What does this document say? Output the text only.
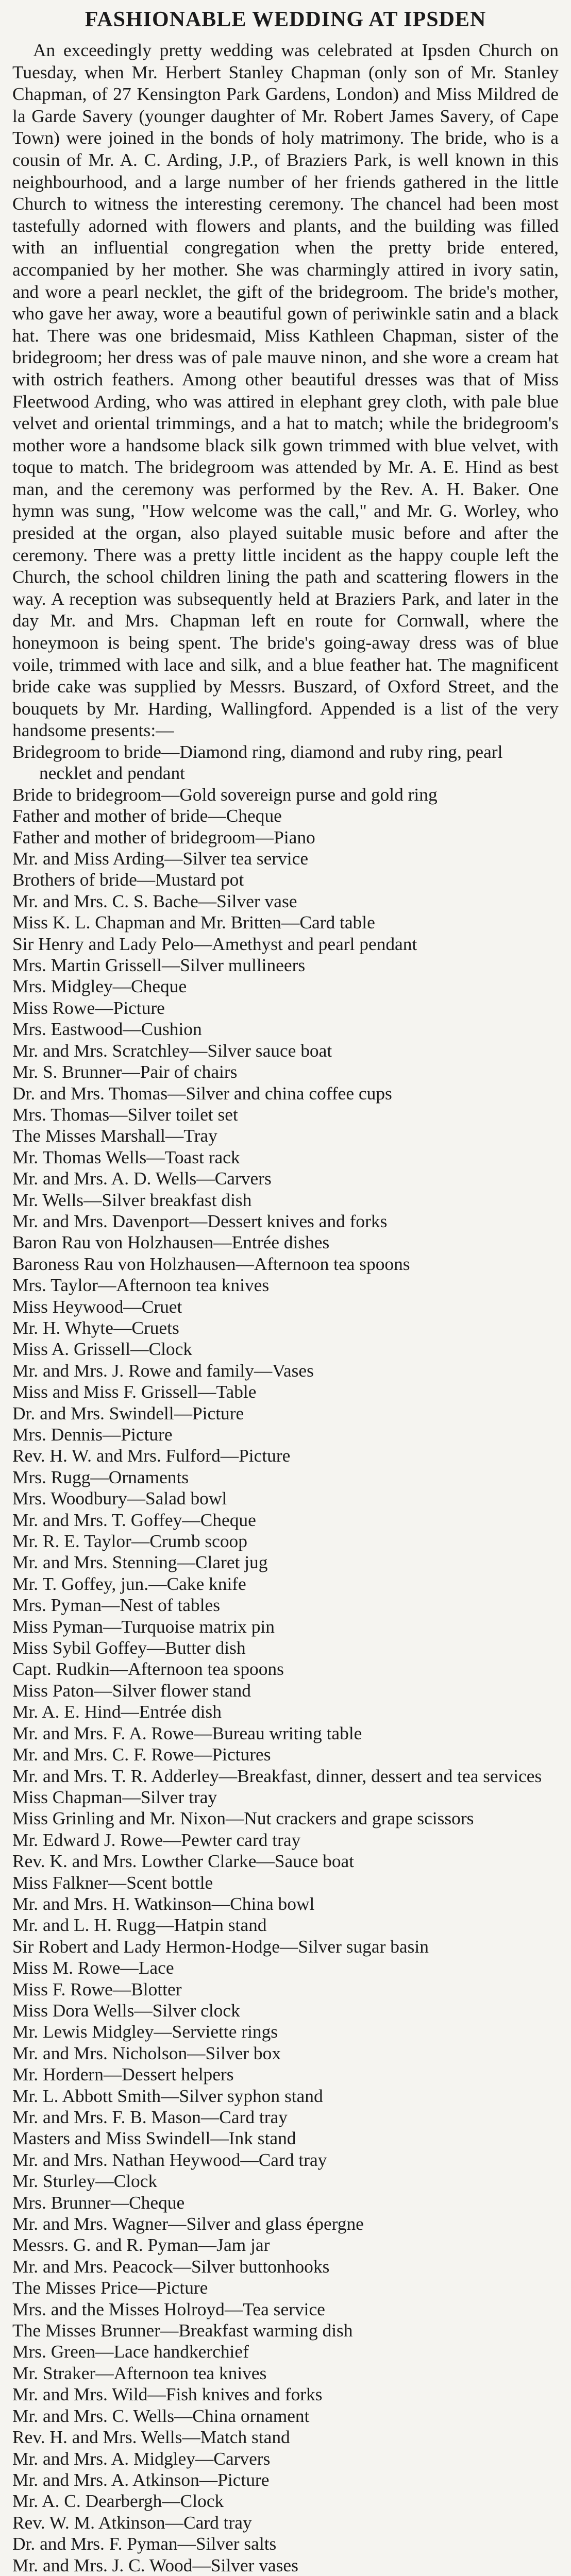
FASHIONABLE WEDDING AT IPSDEN

An exceedingly pretty wedding was celebrated at Ipsden Church on Tuesday, when Mr. Herbert Stanley Chapman (only son of Mr. Stanley Chapman, of 27 Kensington Park Gardens, London) and Miss Mildred de la Garde Savery (younger daughter of Mr. Robert James Savery, of Cape Town) were joined in the bonds of holy matrimony. The bride, who is a cousin of Mr. A. C. Arding, J.P., of Braziers Park, is well known in this neighbourhood, and a large number of her friends gathered in the little Church to witness the interesting ceremony. The chancel had been most tastefully adorned with flowers and plants, and the building was filled with an influential congregation when the pretty bride entered, accompanied by her mother. She was charmingly attired in ivory satin, and wore a pearl necklet, the gift of the bridegroom. The bride's mother, who gave her away, wore a beautiful gown of periwinkle satin and a black hat. There was one bridesmaid, Miss Kathleen Chapman, sister of the bridegroom; her dress was of pale mauve ninon, and she wore a cream hat with ostrich feathers. Among other beautiful dresses was that of Miss Fleetwood Arding, who was attired in elephant grey cloth, with pale blue velvet and oriental trimmings, and a hat to match; while the bridegroom's mother wore a handsome black silk gown trimmed with blue velvet, with toque to match. The bridegroom was attended by Mr. A. E. Hind as best man, and the ceremony was performed by the Rev. A. H. Baker. One hymn was sung, "How welcome was the call," and Mr. G. Worley, who presided at the organ, also played suitable music before and after the ceremony. There was a pretty little incident as the happy couple left the Church, the school children lining the path and scattering flowers in the way. A reception was subsequently held at Braziers Park, and later in the day Mr. and Mrs. Chapman left en route for Cornwall, where the honeymoon is being spent. The bride's going-away dress was of blue voile, trimmed with lace and silk, and a blue feather hat. The magnificent bride cake was supplied by Messrs. Buszard, of Oxford Street, and the bouquets by Mr. Harding, Wallingford. Appended is a list of the very handsome presents:—

Bridegroom to bride—Diamond ring, diamond and ruby ring, pearl necklet and pendant
Bride to bridegroom—Gold sovereign purse and gold ring
Father and mother of bride—Cheque
Father and mother of bridegroom—Piano
Mr. and Miss Arding—Silver tea service
Brothers of bride—Mustard pot
Mr. and Mrs. C. S. Bache—Silver vase
Miss K. L. Chapman and Mr. Britten—Card table
Sir Henry and Lady Pelo—Amethyst and pearl pendant
Mrs. Martin Grissell—Silver mullineers
Mrs. Midgley—Cheque
Miss Rowe—Picture
Mrs. Eastwood—Cushion
Mr. and Mrs. Scratchley—Silver sauce boat
Mr. S. Brunner—Pair of chairs
Dr. and Mrs. Thomas—Silver and china coffee cups
Mrs. Thomas—Silver toilet set
The Misses Marshall—Tray
Mr. Thomas Wells—Toast rack
Mr. and Mrs. A. D. Wells—Carvers
Mr. Wells—Silver breakfast dish
Mr. and Mrs. Davenport—Dessert knives and forks
Baron Rau von Holzhausen—Entrée dishes
Baroness Rau von Holzhausen—Afternoon tea spoons
Mrs. Taylor—Afternoon tea knives
Miss Heywood—Cruet
Mr. H. Whyte—Cruets
Miss A. Grissell—Clock
Mr. and Mrs. J. Rowe and family—Vases
Miss and Miss F. Grissell—Table
Dr. and Mrs. Swindell—Picture
Mrs. Dennis—Picture
Rev. H. W. and Mrs. Fulford—Picture
Mrs. Rugg—Ornaments
Mrs. Woodbury—Salad bowl
Mr. and Mrs. T. Goffey—Cheque
Mr. R. E. Taylor—Crumb scoop
Mr. and Mrs. Stenning—Claret jug
Mr. T. Goffey, jun.—Cake knife
Mrs. Pyman—Nest of tables
Miss Pyman—Turquoise matrix pin
Miss Sybil Goffey—Butter dish
Capt. Rudkin—Afternoon tea spoons
Miss Paton—Silver flower stand
Mr. A. E. Hind—Entrée dish
Mr. and Mrs. F. A. Rowe—Bureau writing table
Mr. and Mrs. C. F. Rowe—Pictures
Mr. and Mrs. T. R. Adderley—Breakfast, dinner, dessert and tea services
Miss Chapman—Silver tray
Miss Grinling and Mr. Nixon—Nut crackers and grape scissors
Mr. Edward J. Rowe—Pewter card tray
Rev. K. and Mrs. Lowther Clarke—Sauce boat
Miss Falkner—Scent bottle
Mr. and Mrs. H. Watkinson—China bowl
Mr. and L. H. Rugg—Hatpin stand
Sir Robert and Lady Hermon-Hodge—Silver sugar basin
Miss M. Rowe—Lace
Miss F. Rowe—Blotter
Miss Dora Wells—Silver clock
Mr. Lewis Midgley—Serviette rings
Mr. and Mrs. Nicholson—Silver box
Mr. Hordern—Dessert helpers
Mr. L. Abbott Smith—Silver syphon stand
Mr. and Mrs. F. B. Mason—Card tray
Masters and Miss Swindell—Ink stand
Mr. and Mrs. Nathan Heywood—Card tray
Mr. Sturley—Clock
Mrs. Brunner—Cheque
Mr. and Mrs. Wagner—Silver and glass épergne
Messrs. G. and R. Pyman—Jam jar
Mr. and Mrs. Peacock—Silver buttonhooks
The Misses Price—Picture
Mrs. and the Misses Holroyd—Tea service
The Misses Brunner—Breakfast warming dish
Mrs. Green—Lace handkerchief
Mr. Straker—Afternoon tea knives
Mr. and Mrs. Wild—Fish knives and forks
Mr. and Mrs. C. Wells—China ornament
Rev. H. and Mrs. Wells—Match stand
Mr. and Mrs. A. Midgley—Carvers
Mr. and Mrs. A. Atkinson—Picture
Mr. A. C. Dearbergh—Clock
Rev. W. M. Atkinson—Card tray
Dr. and Mrs. F. Pyman—Silver salts
Mr. and Mrs. J. C. Wood—Silver vases
